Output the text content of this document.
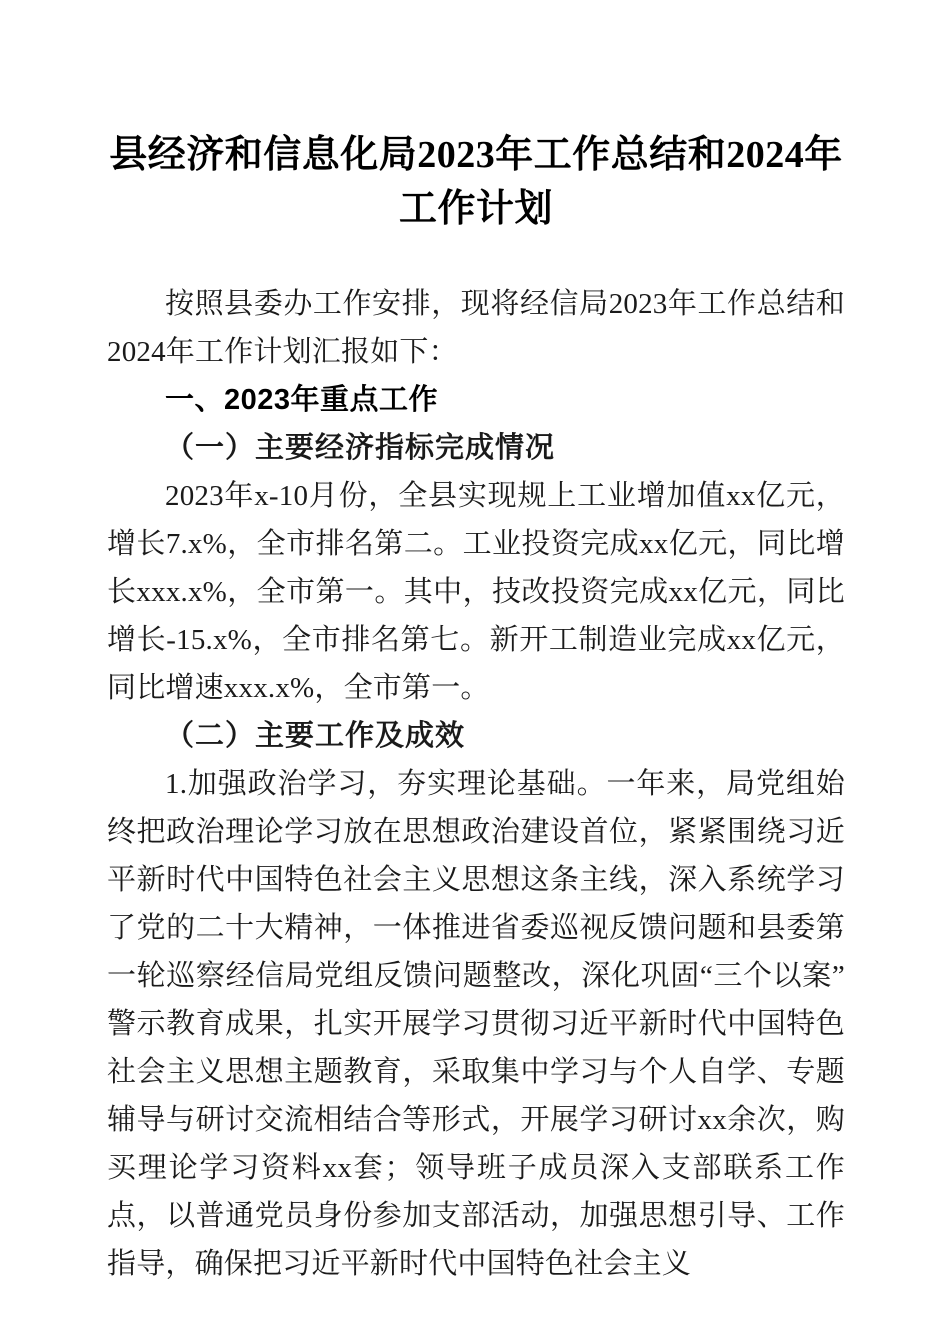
县经济和信息化局2023年工作总结和2024年工作计划

按照县委办工作安排，现将经信局2023年工作总结和2024年工作计划汇报如下：

一、2023年重点工作
（一）主要经济指标完成情况

2023年x-10月份，全县实现规上工业增加值xx亿元，增长7.x%，全市排名第二。工业投资完成xx亿元，同比增长xxx.x%，全市第一。其中，技改投资完成xx亿元，同比增长-15.x%，全市排名第七。新开工制造业完成xx亿元，同比增速xxx.x%，全市第一。

（二）主要工作及成效

1.加强政治学习，夯实理论基础。一年来，局党组始终把政治理论学习放在思想政治建设首位，紧紧围绕习近平新时代中国特色社会主义思想这条主线，深入系统学习了党的二十大精神，一体推进省委巡视反馈问题和县委第一轮巡察经信局党组反馈问题整改，深化巩固“三个以案”警示教育成果，扎实开展学习贯彻习近平新时代中国特色社会主义思想主题教育，采取集中学习与个人自学、专题辅导与研讨交流相结合等形式，开展学习研讨xx余次，购买理论学习资料xx套；领导班子成员深入支部联系工作点，以普通党员身份参加支部活动，加强思想引导、工作指导，确保把习近平新时代中国特色社会主义
